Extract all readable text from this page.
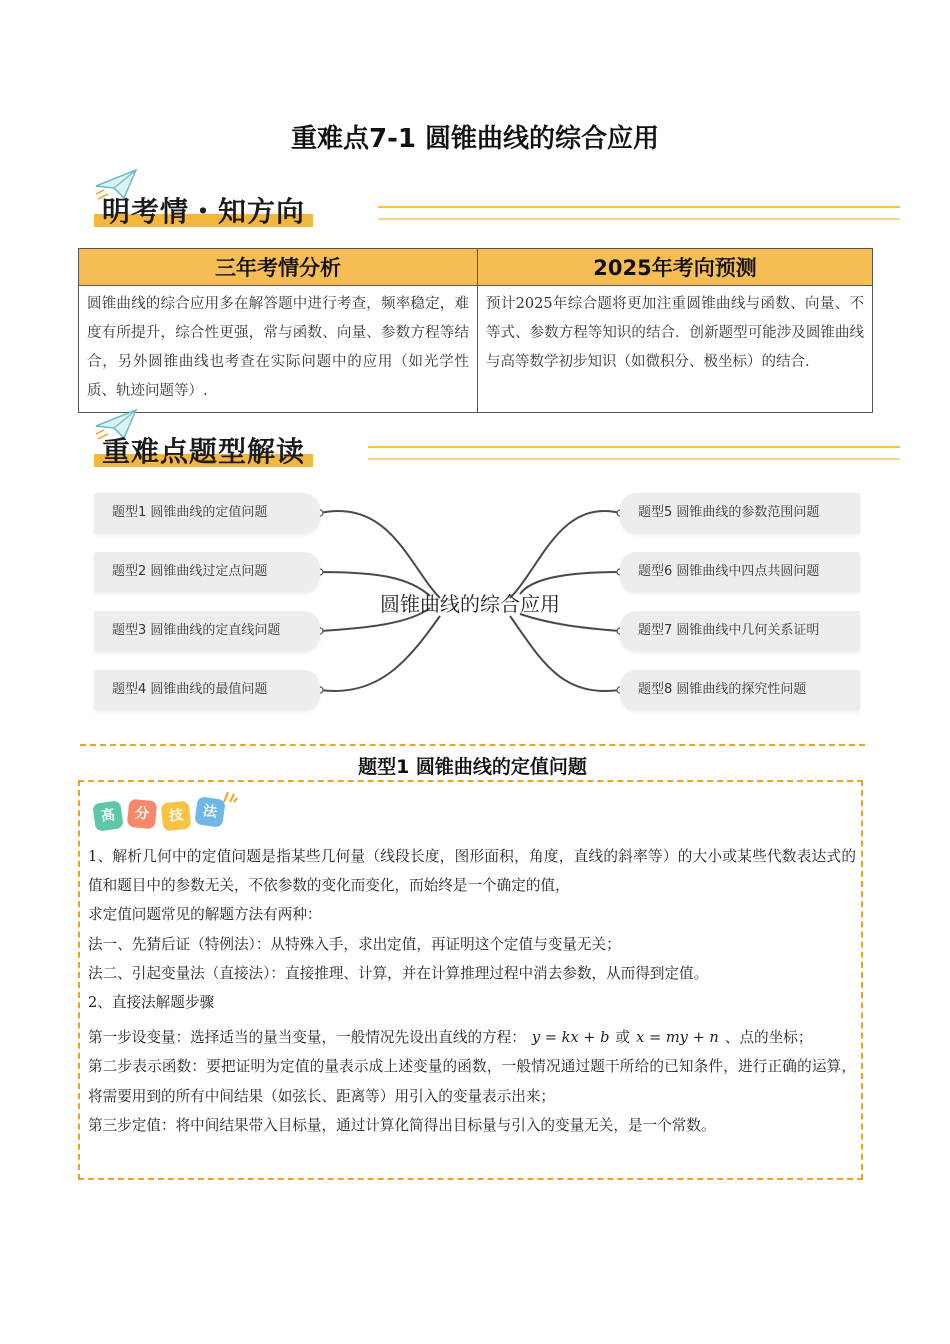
重难点7-1 圆锥曲线的综合应用
明考情・知方向
三年考情分析	2025年考向预测
圆锥曲线的综合应用多在解答题中进行考查，频率稳定，难度有所提升，综合性更强，常与函数、向量、参数方程等结合，另外圆锥曲线也考查在实际问题中的应用（如光学性质、轨迹问题等）.	预计2025年综合题将更加注重圆锥曲线与函数、向量、不等式、参数方程等知识的结合．创新题型可能涉及圆锥曲线与高等数学初步知识（如微积分、极坐标）的结合.
重难点题型解读
题型1 圆锥曲线的定值问题
题型2 圆锥曲线过定点问题
题型3 圆锥曲线的定直线问题
题型4 圆锥曲线的最值问题
圆锥曲线的综合应用
题型5 圆锥曲线的参数范围问题
题型6 圆锥曲线中四点共圆问题
题型7 圆锥曲线中几何关系证明
题型8 圆锥曲线的探究性问题
题型1 圆锥曲线的定值问题
高	分	技	法

1、解析几何中的定值问题是指某些几何量（线段长度，图形面积，角度，直线的斜率等）的大小或某些代数表达式的值和题目中的参数无关，不依参数的变化而变化，而始终是一个确定的值，

求定值问题常见的解题方法有两种：

法一、先猜后证（特例法）：从特殊入手，求出定值，再证明这个定值与变量无关；

法二、引起变量法（直接法）：直接推理、计算，并在计算推理过程中消去参数，从而得到定值。

2、直接法解题步骤

第一步设变量：选择适当的量当变量，一般情况先设出直线的方程： y = kx + b 或 x = my + n 、点的坐标；

第二步表示函数：要把证明为定值的量表示成上述变量的函数，一般情况通过题干所给的已知条件，进行正确的运算，将需要用到的所有中间结果（如弦长、距离等）用引入的变量表示出来；

第三步定值：将中间结果带入目标量，通过计算化简得出目标量与引入的变量无关，是一个常数。
